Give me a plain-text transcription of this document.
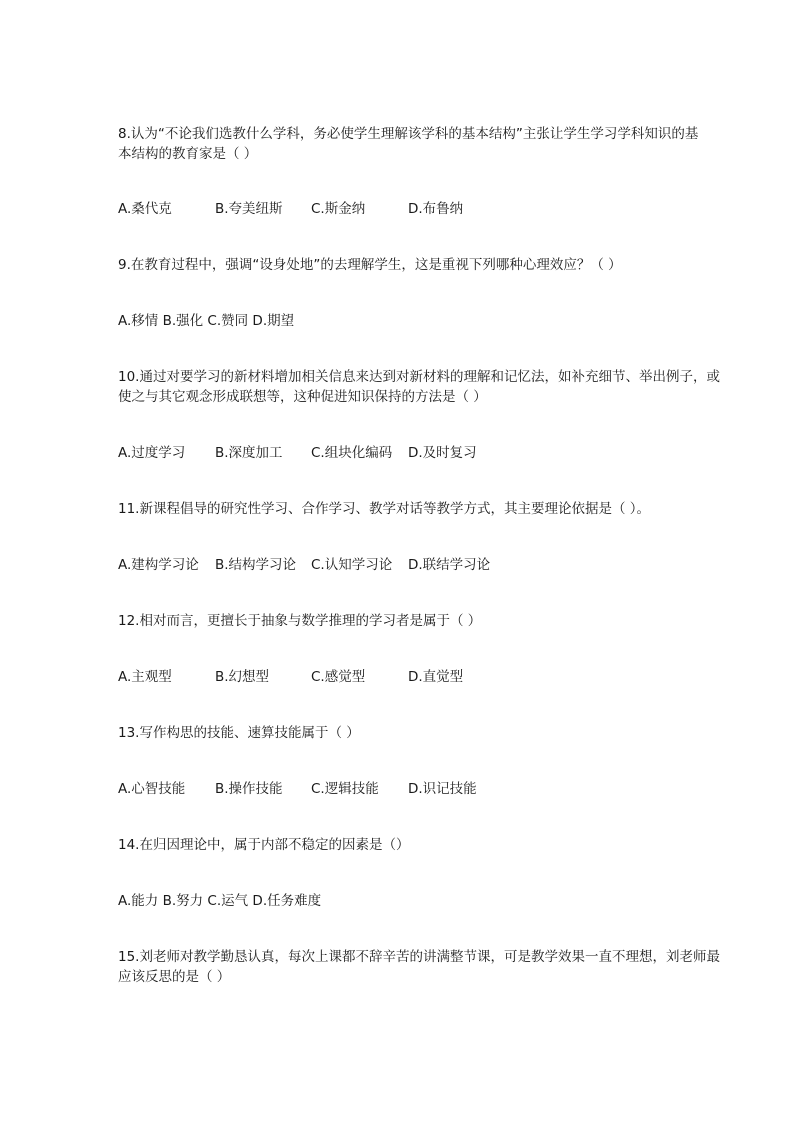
8.认为“不论我们选教什么学科，务必使学生理解该学科的基本结构”主张让学生学习学科知识的基
本结构的教育家是（ ）
A.桑代克	B.夸美纽斯 C.斯金纳	D.布鲁纳
9.在教育过程中，强调“设身处地”的去理解学生，这是重视下列哪种心理效应？（ ）
A.移情 B.强化 C.赞同 D.期望
10.通过对要学习的新材料增加相关信息来达到对新材料的理解和记忆法，如补充细节、举出例子，或
使之与其它观念形成联想等，这种促进知识保持的方法是（ ）
A.过度学习 B.深度加工 C.组块化编码 D.及时复习
11.新课程倡导的研究性学习、合作学习、教学对话等教学方式，其主要理论依据是（ ）。
A.建构学习论 B.结构学习论 C.认知学习论 D.联结学习论
12.相对而言，更擅长于抽象与数学推理的学习者是属于（ ）
A.主观型	B.幻想型	C.感觉型	D.直觉型
13.写作构思的技能、速算技能属于（ ）
A.心智技能 B.操作技能 C.逻辑技能 D.识记技能
14.在归因理论中，属于内部不稳定的因素是（）
A.能力 B.努力 C.运气 D.任务难度
15.刘老师对教学勤恳认真，每次上课都不辞辛苦的讲满整节课，可是教学效果一直不理想，刘老师最
应该反思的是（ ）
